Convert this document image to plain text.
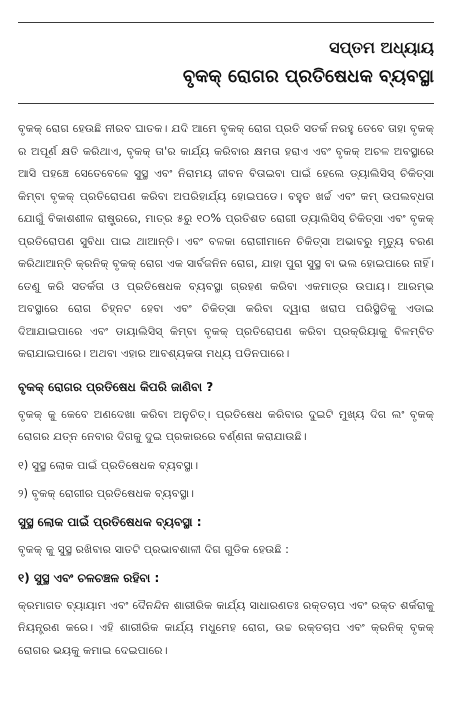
ସପ୍ତମ ଅଧ୍ୟାୟ
ବୃକକ୍ ରୋଗର ପ୍ରତିଷେଧକ ବ୍ୟବସ୍ଥା

ବୃକକ୍ ରୋଗ ହେଉଛି ନୀରବ ଘାତକ। ଯଦି ଆମେ ବୃକକ୍ ରୋଗ ପ୍ରତି ସତର୍କ ନରହୁ ତେବେ ତାହା ବୃକକ୍ ର ଅପୂର୍ଣ କ୍ଷତି କରିଥାଏ, ବୃକକ୍ ତା'ର କାର୍ଯ୍ୟ କରିବାର କ୍ଷମତା ହରାଏ ଏବଂ ବୃକକ୍ ଅଚଳ ଅବସ୍ଥାରେ ଆସି ପହଞ୍ଚେ ସେତେବେଳେ ସୁସ୍ଥ ଏବଂ ନିରାମୟ ଜୀବନ ବିତାଇବା ପାଇଁ ହେଲେ ଡ୍ୟାଲିସିସ୍ ଚିକିତ୍ସା କିମ୍ବା ବୃକକ୍ ପ୍ରତିରୋପଣ କରିବା ଅପରିହାର୍ଯ୍ୟ ହୋଇପଡେ। ବହୁତ ଖର୍ଚ୍ଚ ଏବଂ କମ୍ ଉପଲବ୍ଧତା ଯୋଗୁଁ ବିକାଶଶୀଳ ରାଷ୍ଟ୍ରରେ, ମାତ୍ର ୫ରୁ ୧୦% ପ୍ରତିଶତ ରୋଗୀ ଡ୍ୟାଲିସିସ୍ ଚିକିତ୍ସା ଏବଂ ବୃକକ୍ ପ୍ରତିରୋପଣ ସୁବିଧା ପାଇ ଥାଆନ୍ତି। ଏବଂ ବଳକା ରୋଗୀମାନେ ଚିକିତ୍ସା ଅଭାବରୁ ମୃତ୍ୟୁ ବରଣ କରିଥାଆନ୍ତି କ୍ରନିକ୍ ବୃକକ୍ ରୋଗ ଏକ ସାର୍ବଜନିନ ରୋଗ, ଯାହା ପୁରା ସୁସ୍ଥ ବା ଭଲ ହୋଇପାରେ ନାହିଁ। ତେଣୁ କରି ସତର୍କତା ଓ ପ୍ରତିଷେଧକ ବ୍ୟବସ୍ଥା ଗ୍ରହଣ କରିବା ଏକମାତ୍ର ଉପାୟ। ଆରମ୍ଭ ଅବସ୍ଥାରେ ରୋଗ ଚିହ୍ନଟ ହେବା ଏବଂ ଚିକିତ୍ସା କରିବା ଦ୍ୱାରା ଖରାପ ପରିସ୍ଥିତିକୁ ଏଡାଇ ଦିଆଯାଇପାରେ ଏବଂ ଡାୟାଲିସିସ୍ କିମ୍ବା ବୃକକ୍ ପ୍ରତିରୋପଣ କରିବା ପ୍ରକ୍ରିୟାକୁ ବିଳମ୍ବିତ କରାଯାଇପାରେ। ଅଥବା ଏହାର ଆବଶ୍ୟକତା ମଧ୍ୟ ପଡିନପାରେ।

ବୃକକ୍ ରୋଗର ପ୍ରତିଷେଧ କିପରି ଜାଣିବା ?

ବୃକକ୍ କୁ କେବେ ଅଣଦେଖା କରିବା ଅନୁଚିତ୍। ପ୍ରତିଷେଧ କରିବାର ଦୁଇଟି ମୁଖ୍ୟ ଦିଗ ଲଂ ବୃକକ୍ ରୋଗର ଯତ୍ନ ନେବାର ଦିଗକୁ ଦୁଇ ପ୍ରକାରରେ ବର୍ଣ୍ଣନା କରାଯାଉଛି।

୧) ସୁସ୍ଥ ଲୋକ ପାଇଁ ପ୍ରତିଷେଧକ ବ୍ୟବସ୍ଥା।

୨) ବୃକକ୍ ରୋଗୀର ପ୍ରତିଷେଧକ ବ୍ୟବସ୍ଥା।

ସୁସ୍ଥ ଲୋକ ପାଇଁ ପ୍ରତିଷେଧକ ବ୍ୟବସ୍ଥା :

ବୃକକ୍ କୁ ସୁସ୍ଥ ରଖିବାର ସାତଟି ପ୍ରଭାବଶାଳୀ ଦିଗ ଗୁଡିକ ହେଉଛି :

୧) ସୁସ୍ଥ ଏବଂ ଚଳଚଞ୍ଚଳ ରହିବା :

କ୍ରମାଗତ ବ୍ୟାୟାମ ଏବଂ ଦୈନନ୍ଦିନ ଶାରୀରିକ କାର୍ଯ୍ୟ ସାଧାରଣତଃ ରକ୍ତଚାପ ଏବଂ ରକ୍ତ ଶର୍କରାକୁ ନିୟନ୍ତ୍ରଣ କରେ। ଏହି ଶାରୀରିକ କାର୍ଯ୍ୟ ମଧୁମେହ ରୋଗ, ଉଚ୍ଚ ରକ୍ତଚାପ ଏବଂ କ୍ରନିକ୍ ବୃକକ୍ ରୋଗର ଭୟକୁ କମାଇ ଦେଇପାରେ।
